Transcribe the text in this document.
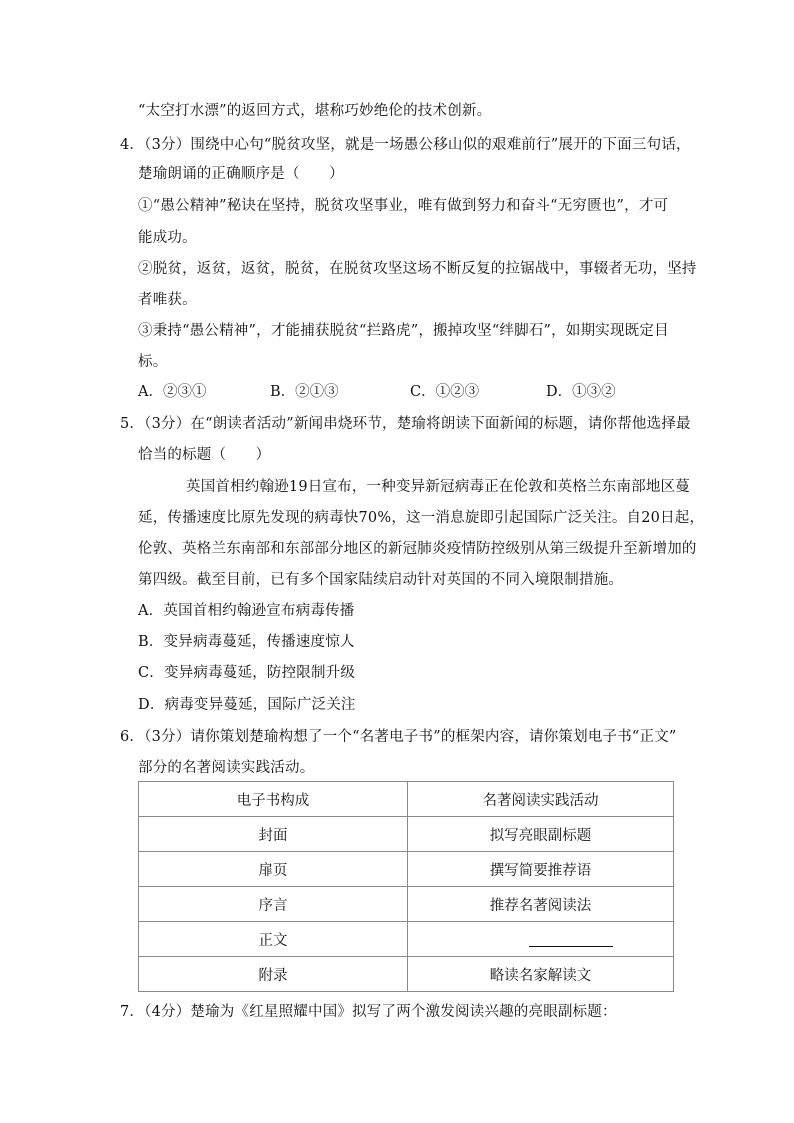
“太空打水漂”的返回方式，堪称巧妙绝伦的技术创新。
4．（3分）围绕中心句“脱贫攻坚，就是一场愚公移山似的艰难前行”展开的下面三句话，
楚瑜朗诵的正确顺序是（　　）
①“愚公精神”秘诀在坚持，脱贫攻坚事业，唯有做到努力和奋斗“无穷匮也”，才可
能成功。
②脱贫，返贫，返贫，脱贫，在脱贫攻坚这场不断反复的拉锯战中，事辍者无功，坚持
者唯获。
③秉持“愚公精神”，才能捕获脱贫“拦路虎”，搬掉攻坚“绊脚石”，如期实现既定目
标。
A．②③①	B．②①③	C．①②③	D．①③②
5．（3分）在“朗读者活动”新闻串烧环节，楚瑜将朗读下面新闻的标题，请你帮他选择最
恰当的标题（　　）
英国首相约翰逊19日宣布，一种变异新冠病毒正在伦敦和英格兰东南部地区蔓
延，传播速度比原先发现的病毒快70%，这一消息旋即引起国际广泛关注。自20日起，
伦敦、英格兰东南部和东部部分地区的新冠肺炎疫情防控级别从第三级提升至新增加的
第四级。截至目前，已有多个国家陆续启动针对英国的不同入境限制措施。
A．英国首相约翰逊宣布病毒传播
B．变异病毒蔓延，传播速度惊人
C．变异病毒蔓延，防控限制升级
D．病毒变异蔓延，国际广泛关注
6．（3分）请你策划楚瑜构想了一个“名著电子书”的框架内容，请你策划电子书“正文”
部分的名著阅读实践活动。
电子书构成	名著阅读实践活动
封面	拟写亮眼副标题
扉页	撰写简要推荐语
序言	推荐名著阅读法
正文	
附录	略读名家解读文
7．（4分）楚瑜为《红星照耀中国》拟写了两个激发阅读兴趣的亮眼副标题：
